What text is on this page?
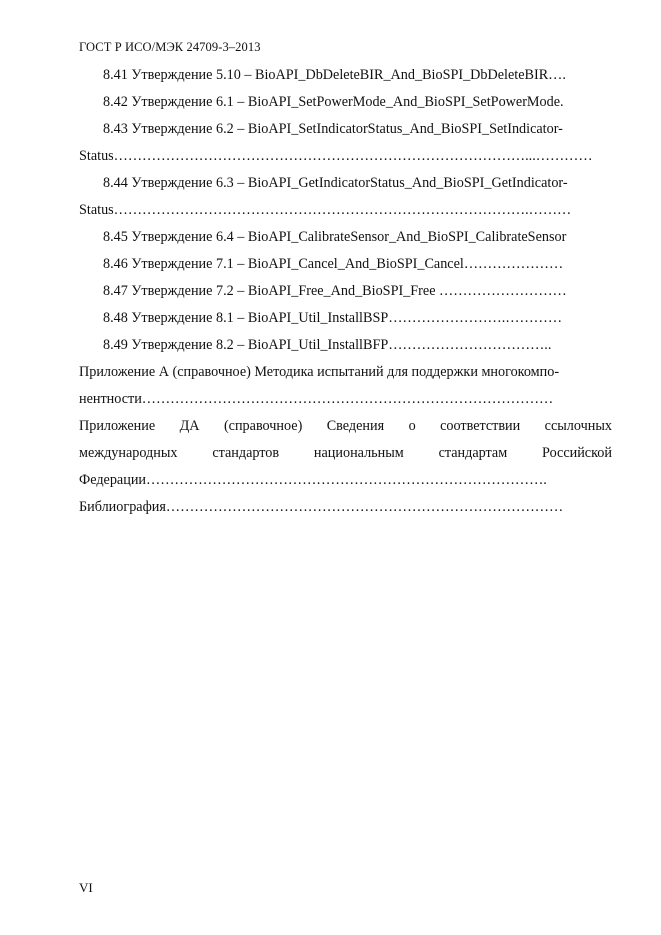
ГОСТ Р ИСО/МЭК 24709-3–2013
8.41 Утверждение 5.10 – BioAPI_DbDeleteBIR_And_BioSPI_DbDeleteBIR….
8.42 Утверждение 6.1 – BioAPI_SetPowerMode_And_BioSPI_SetPowerMode.
8.43 Утверждение 6.2 – BioAPI_SetIndicatorStatus_And_BioSPI_SetIndicator-
Status……………………………………………………………………………...…………
8.44 Утверждение 6.3 – BioAPI_GetIndicatorStatus_And_BioSPI_GetIndicator-
Status…………………………………………………………………………….………
8.45 Утверждение 6.4 – BioAPI_CalibrateSensor_And_BioSPI_CalibrateSensor
8.46 Утверждение 7.1 – BioAPI_Cancel_And_BioSPI_Cancel…………………
8.47 Утверждение 7.2 – BioAPI_Free_And_BioSPI_Free ………………………
8.48 Утверждение 8.1 – BioAPI_Util_InstallBSP…………………….…………
8.49 Утверждение 8.2 – BioAPI_Util_InstallBFP……………………………..
Приложение А (справочное) Методика испытаний для поддержки многокомпо-
нентности……………………………………………………………………………
Приложение ДА (справочное) Сведения о соответствии ссылочных
международных стандартов национальным стандартам Российской
Федерации………………………………………………………………………….
Библиография…………………………………………………………………………
VI
